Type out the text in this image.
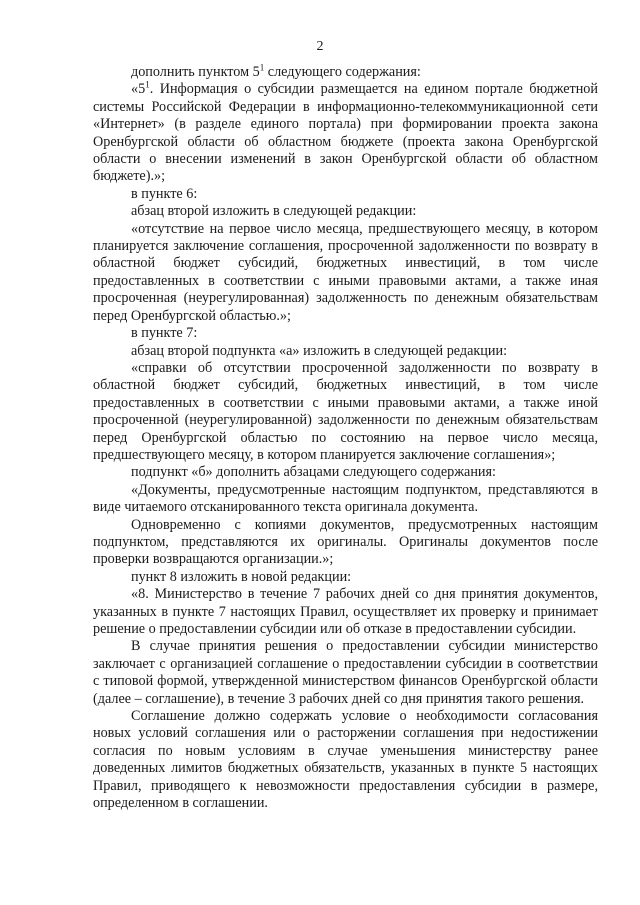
2

дополнить пунктом $5^1$ следующего содержания:

«$5^1$. Информация о субсидии размещается на едином портале бюджетной системы Российской Федерации в информационно-телекоммуникационной сети «Интернет» (в разделе единого портала) при формировании проекта закона Оренбургской области об областном бюджете (проекта закона Оренбургской области о внесении изменений в закон Оренбургской области об областном бюджете).»;

в пункте 6:

абзац второй изложить в следующей редакции:

«отсутствие на первое число месяца, предшествующего месяцу, в котором планируется заключение соглашения, просроченной задолженности по возврату в областной бюджет субсидий, бюджетных инвестиций, в том числе предоставленных в соответствии с иными правовыми актами, а также иная просроченная (неурегулированная) задолженность по денежным обязательствам перед Оренбургской областью.»;

в пункте 7:

абзац второй подпункта «а» изложить в следующей редакции:

«справки об отсутствии просроченной задолженности по возврату в областной бюджет субсидий, бюджетных инвестиций, в том числе предоставленных в соответствии с иными правовыми актами, а также иной просроченной (неурегулированной) задолженности по денежным обязательствам перед Оренбургской областью по состоянию на первое число месяца, предшествующего месяцу, в котором планируется заключение соглашения»;

подпункт «б» дополнить абзацами следующего содержания:

«Документы, предусмотренные настоящим подпунктом, представляются в виде читаемого отсканированного текста оригинала документа.

Одновременно с копиями документов, предусмотренных настоящим подпунктом, представляются их оригиналы. Оригиналы документов после проверки возвращаются организации.»;

пункт 8 изложить в новой редакции:

«8. Министерство в течение 7 рабочих дней со дня принятия документов, указанных в пункте 7 настоящих Правил, осуществляет их проверку и принимает решение о предоставлении субсидии или об отказе в предоставлении субсидии.

В случае принятия решения о предоставлении субсидии министерство заключает с организацией соглашение о предоставлении субсидии в соответствии с типовой формой, утвержденной министерством финансов Оренбургской области (далее – соглашение), в течение 3 рабочих дней со дня принятия такого решения.

Соглашение должно содержать условие о необходимости согласования новых условий соглашения или о расторжении соглашения при недостижении согласия по новым условиям в случае уменьшения министерству ранее доведенных лимитов бюджетных обязательств, указанных в пункте 5 настоящих Правил, приводящего к невозможности предоставления субсидии в размере, определенном в соглашении.
